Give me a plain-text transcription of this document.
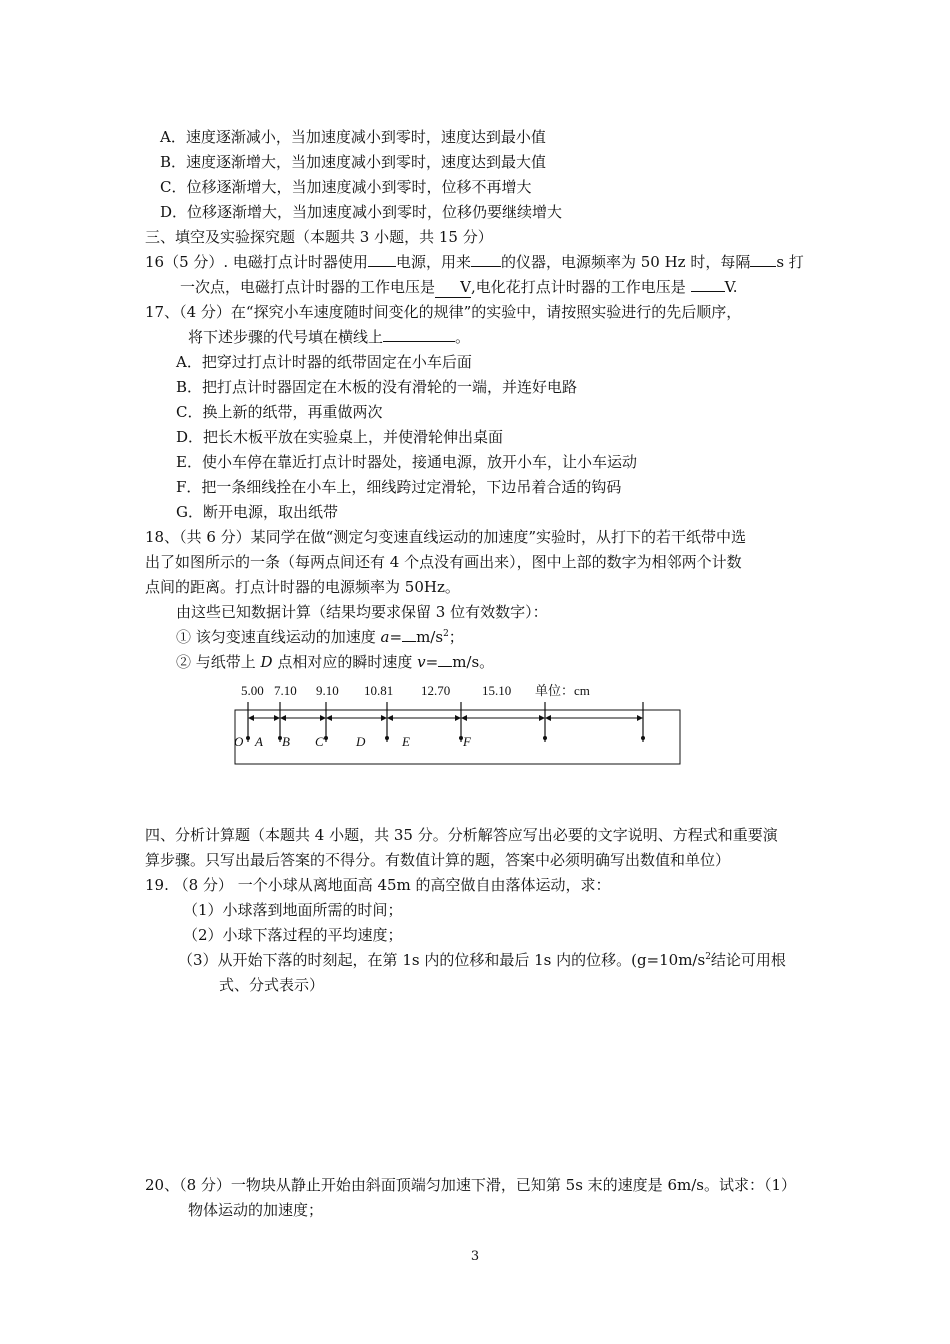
A．速度逐渐减小，当加速度减小到零时，速度达到最小值
B．速度逐渐增大，当加速度减小到零时，速度达到最大值
C．位移逐渐增大，当加速度减小到零时，位移不再增大
D．位移逐渐增大，当加速度减小到零时，位移仍要继续增大
三、填空及实验探究题（本题共 3 小题，共 15 分）
16（5 分）. 电磁打点计时器使用 电源，用来 的仪器，电源频率为 50 Hz 时，每隔 s 打
一次点，电磁打点计时器的工作电压是 V,电化花打点计时器的工作电压是	V.
17、（4 分）在“探究小车速度随时间变化的规律”的实验中，请按照实验进行的先后顺序，
将下述步骤的代号填在横线上	。
A．把穿过打点计时器的纸带固定在小车后面
B．把打点计时器固定在木板的没有滑轮的一端，并连好电路
C．换上新的纸带，再重做两次
D．把长木板平放在实验桌上，并使滑轮伸出桌面
E．使小车停在靠近打点计时器处，接通电源，放开小车，让小车运动
F．把一条细线拴在小车上，细线跨过定滑轮，下边吊着合适的钩码
G．断开电源，取出纸带
18、（共 6 分）某同学在做“测定匀变速直线运动的加速度”实验时，从打下的若干纸带中选
出了如图所示的一条（每两点间还有 4 个点没有画出来），图中上部的数字为相邻两个计数
点间的距离。打点计时器的电源频率为 50Hz。
由这些已知数据计算（结果均要求保留 3 位有效数字）：
① 该匀变速直线运动的加速度 $a= m/s^2$；
② 与纸带上 D 点相对应的瞬时速度 v= m/s。
5.00 7.10 9.10 10.81 12.70 15.10 单位：cm
O A B C D	E	F
四、分析计算题（本题共 4 小题，共 35 分。分析解答应写出必要的文字说明、方程式和重要演
算步骤。只写出最后答案的不得分。有数值计算的题，答案中必须明确写出数值和单位）
19. （8 分） 一个小球从离地面高 45m 的高空做自由落体运动，求：
（1）小球落到地面所需的时间；
（2）小球下落过程的平均速度；
（3）从开始下落的时刻起，在第 1s 内的位移和最后 1s 内的位移。($g=10m/s^2$结论可用根
式、分式表示）
20、（8 分）一物块从静止开始由斜面顶端匀加速下滑，已知第 5s 末的速度是 6m/s。试求：（1）
物体运动的加速度；
3
